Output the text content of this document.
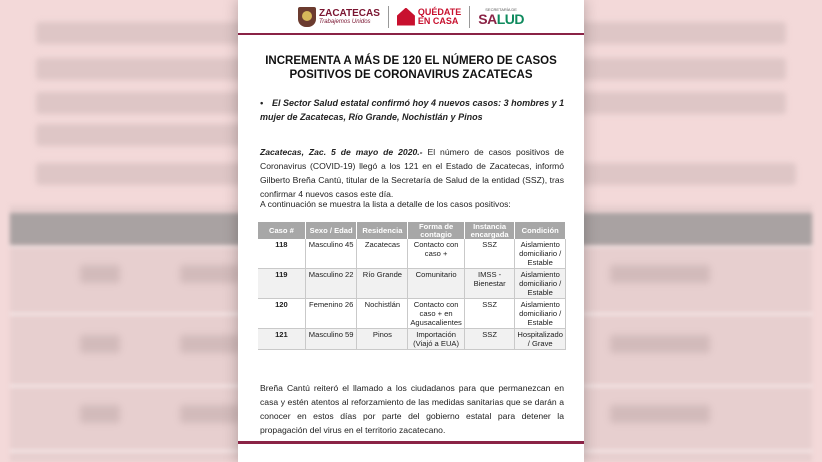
ZACATECAS
Trabajemos Unidos
QUÉDATE
EN CASA
SECRETARÍA DE
SALUD
INCREMENTA A MÁS DE 120 EL NÚMERO DE CASOS POSITIVOS DE CORONAVIRUS ZACATECAS
• El Sector Salud estatal confirmó hoy 4 nuevos casos: 3 hombres y 1 mujer de Zacatecas, Río Grande, Nochistlán y Pinos
Zacatecas, Zac. 5 de mayo de 2020.- El número de casos positivos de Coronavirus (COVID-19) llegó a los 121 en el Estado de Zacatecas, informó Gilberto Breña Cantú, titular de la Secretaría de Salud de la entidad (SSZ), tras confirmar 4 nuevos casos este día.
A continuación se muestra la lista a detalle de los casos positivos:
Caso #	Sexo / Edad	Residencia	Forma de contagio	Instancia encargada	Condición
118	Masculino 45	Zacatecas	Contacto con caso +	SSZ	Aislamiento domiciliario / Estable
119	Masculino 22	Río Grande	Comunitario	IMSS - Bienestar	Aislamiento domiciliario / Estable
120	Femenino 26	Nochistlán	Contacto con caso + en Agusacalientes	SSZ	Aislamiento domiciliario / Estable
121	Masculino 59	Pinos	Importación (Viajó a EUA)	SSZ	Hospitalizado / Grave
Breña Cantú reiteró el llamado a los ciudadanos para que permanezcan en casa y estén atentos al reforzamiento de las medidas sanitarias que se darán a conocer en estos días por parte del gobierno estatal para detener la propagación del virus en el territorio zacatecano.
